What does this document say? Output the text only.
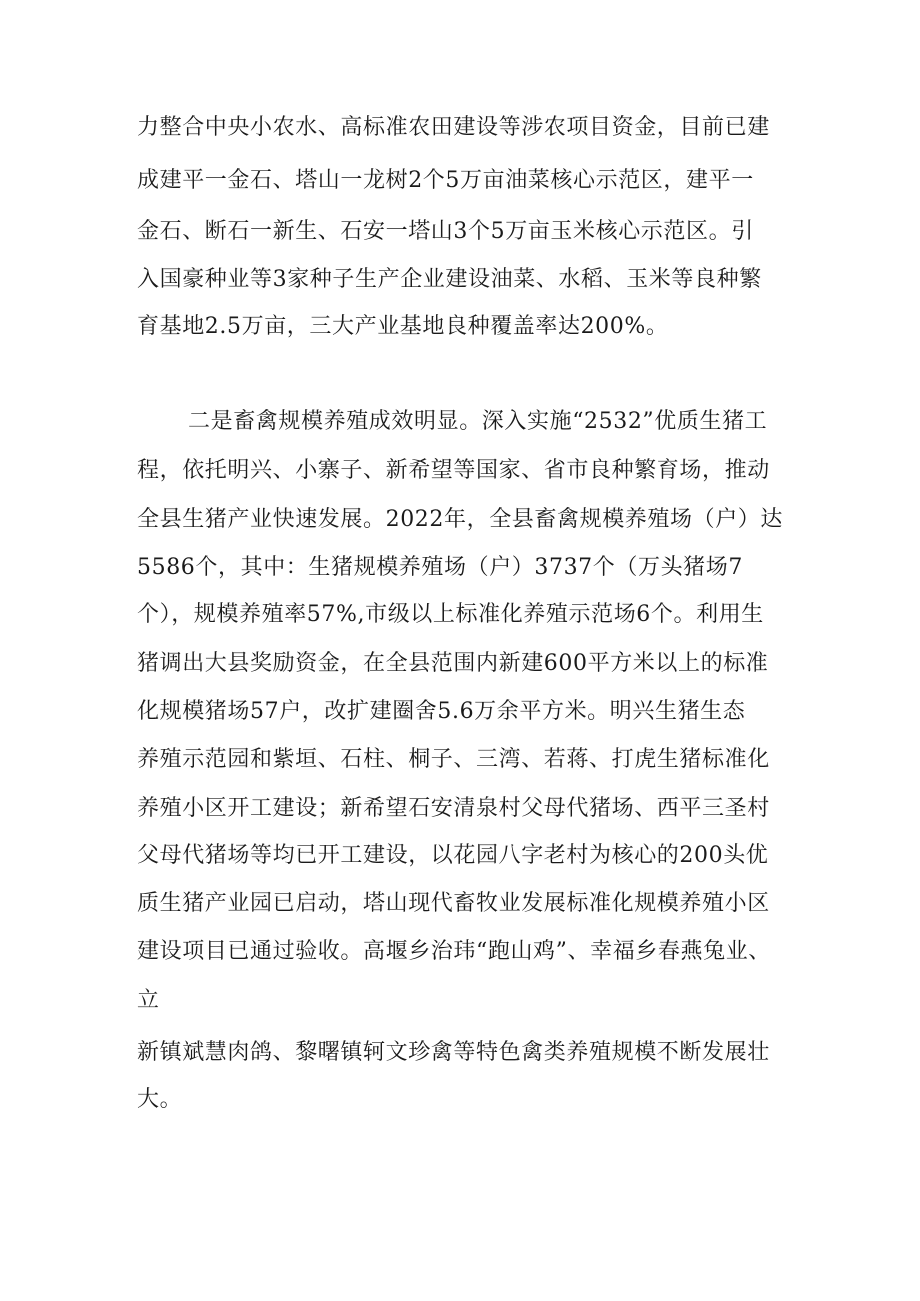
力整合中央小农水、高标准农田建设等涉农项目资金，目前已建
成建平一金石、塔山一龙树2个5万亩油菜核心示范区，建平一
金石、断石一新生、石安一塔山3个5万亩玉米核心示范区。引
入国豪种业等3家种子生产企业建设油菜、水稻、玉米等良种繁
育基地2.5万亩，三大产业基地良种覆盖率达200%。
二是畜禽规模养殖成效明显。深入实施“2532”优质生猪工
程，依托明兴、小寨子、新希望等国家、省市良种繁育场，推动
全县生猪产业快速发展。2022年，全县畜禽规模养殖场（户）达
5586个，其中：生猪规模养殖场（户）3737个（万头猪场7
个），规模养殖率57%,市级以上标准化养殖示范场6个。利用生
猪调出大县奖励资金，在全县范围内新建600平方米以上的标准
化规模猪场57户，改扩建圈舍5.6万余平方米。明兴生猪生态
养殖示范园和紫垣、石柱、桐子、三湾、若蒋、打虎生猪标准化
养殖小区开工建设；新希望石安清泉村父母代猪场、西平三圣村
父母代猪场等均已开工建设，以花园八字老村为核心的200头优
质生猪产业园已启动，塔山现代畜牧业发展标准化规模养殖小区
建设项目已通过验收。高堰乡治玮“跑山鸡”、幸福乡春燕兔业、
立
新镇斌慧肉鸽、黎曙镇轲文珍禽等特色禽类养殖规模不断发展壮
大。
